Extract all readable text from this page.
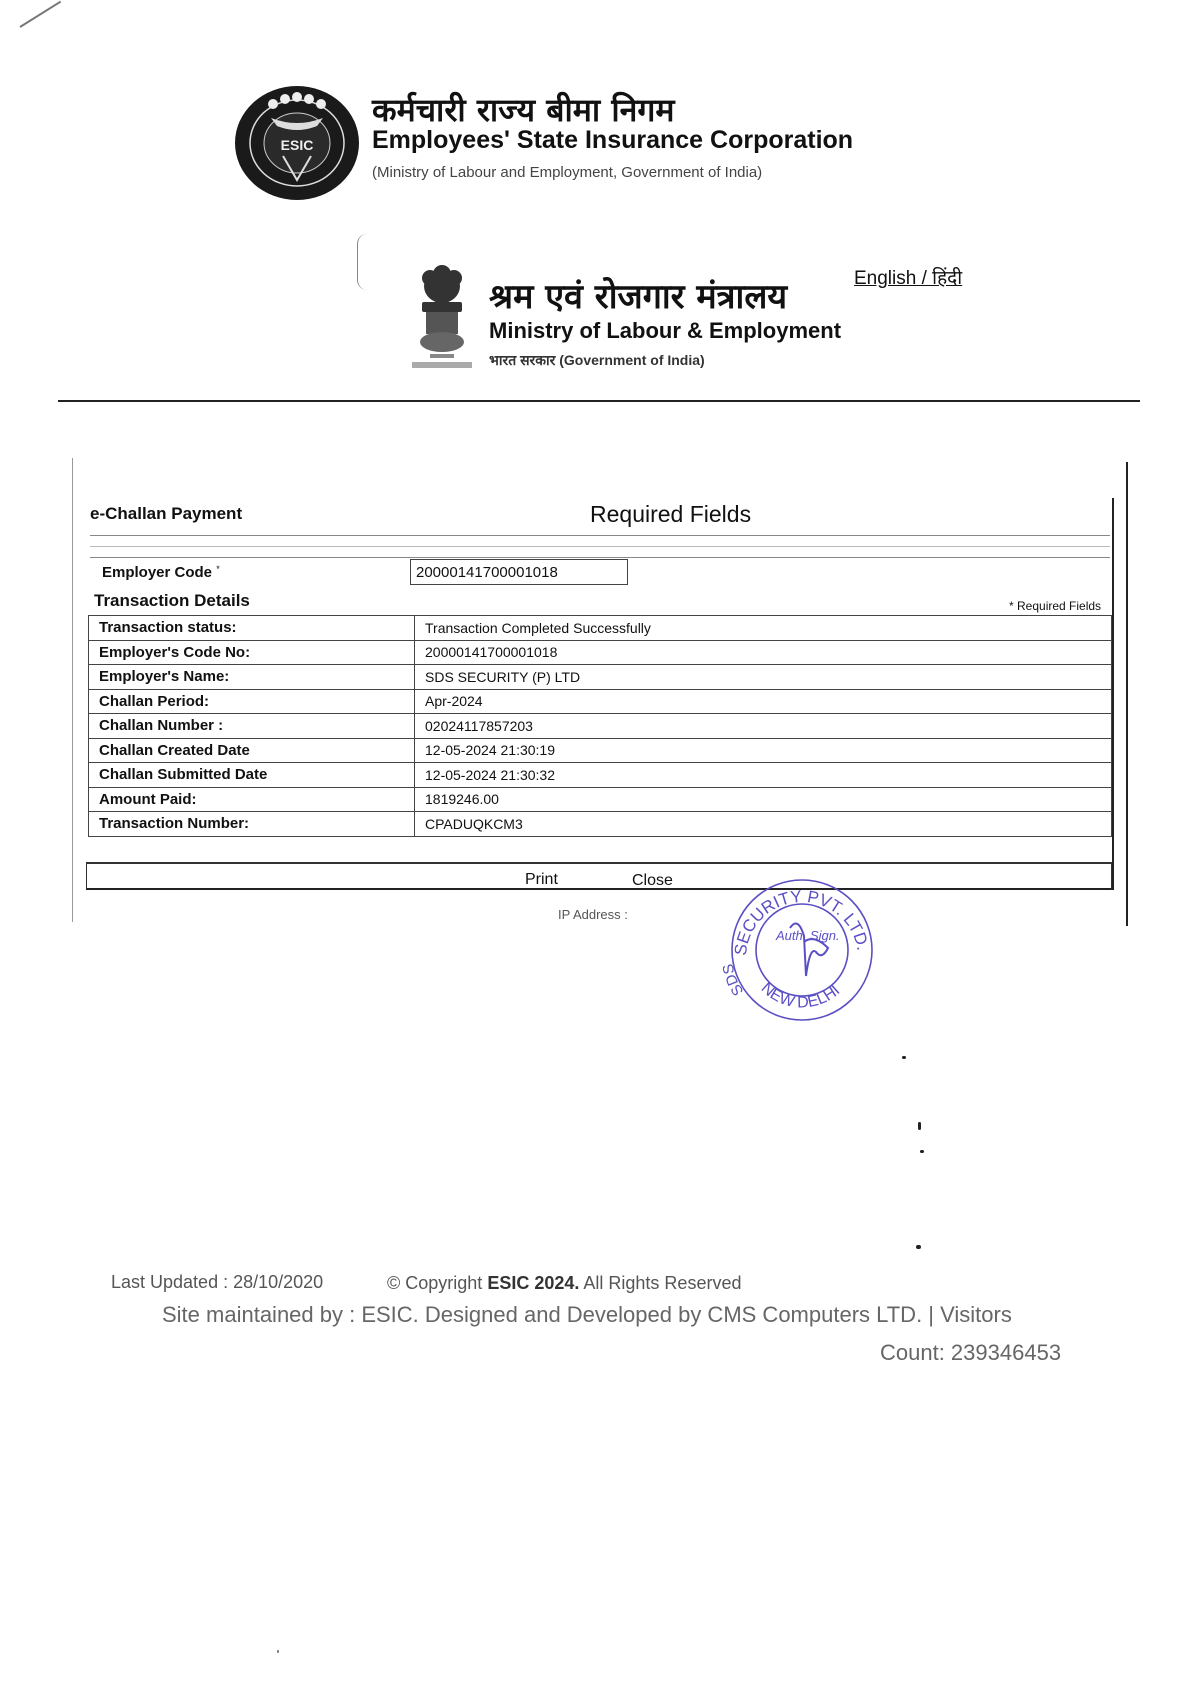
ESIC
कर्मचारी राज्य बीमा निगम
Employees' State Insurance Corporation
(Ministry of Labour and Employment, Government of India)
श्रम एवं रोजगार मंत्रालय
Ministry of Labour & Employment
भारत सरकार (Government of India)
English / हिंदी
e-Challan Payment	Required Fields
Employer Code *	20000141700001018
Transaction Details	* Required Fields
Transaction status:	Transaction Completed Successfully
Employer's Code No:	20000141700001018
Employer's Name:	SDS SECURITY (P) LTD
Challan Period:	Apr-2024
Challan Number :	02024117857203
Challan Created Date	12-05-2024 21:30:19
Challan Submitted Date	12-05-2024 21:30:32
Amount Paid:	1819246.00
Transaction Number:	CPADUQKCM3
Print	Close
IP Address :
SECURITY PVT. LTD.
NEW DELHI
SDS
Auth. Sign.
Last Updated : 28/10/2020	© Copyright ESIC 2024. All Rights Reserved
Site maintained by : ESIC. Designed and Developed by CMS Computers LTD. | Visitors
Count: 239346453
